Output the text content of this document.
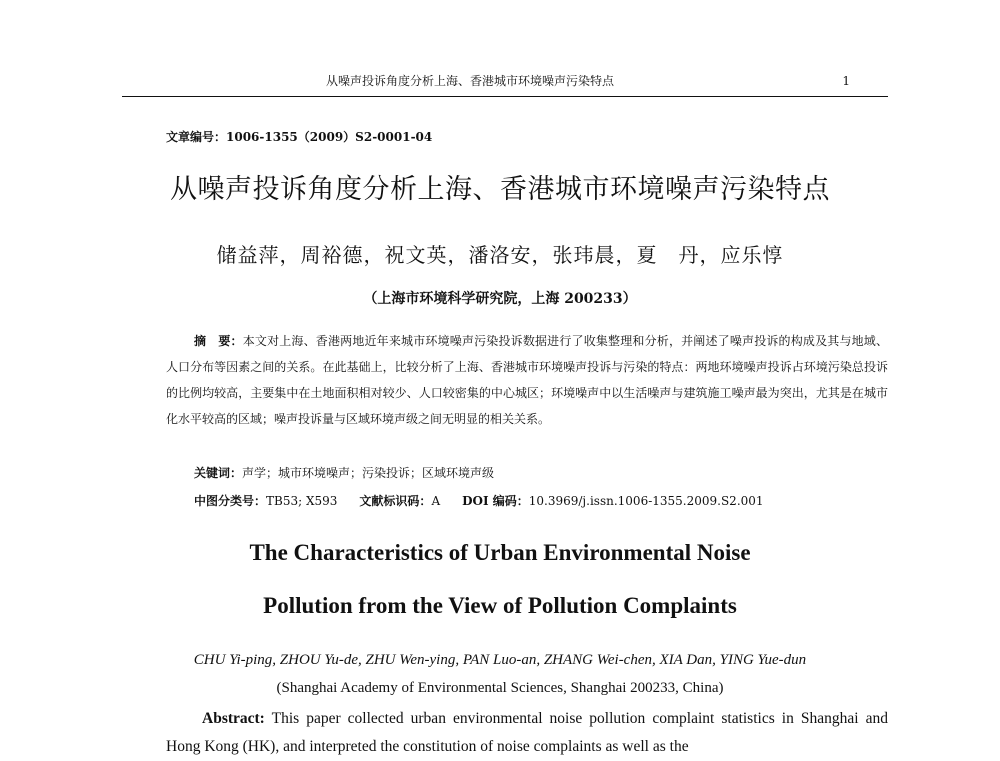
从噪声投诉角度分析上海、香港城市环境噪声污染特点	1
文章编号：1006-1355（2009）S2-0001-04
从噪声投诉角度分析上海、香港城市环境噪声污染特点
储益萍，周裕德，祝文英，潘洛安，张玮晨，夏　丹，应乐惇
（上海市环境科学研究院，上海 200233）
摘　要：本文对上海、香港两地近年来城市环境噪声污染投诉数据进行了收集整理和分析，并阐述了噪声投诉的构成及其与地域、人口分布等因素之间的关系。在此基础上，比较分析了上海、香港城市环境噪声投诉与污染的特点：两地环境噪声投诉占环境污染总投诉的比例均较高，主要集中在土地面积相对较少、人口较密集的中心城区；环境噪声中以生活噪声与建筑施工噪声最为突出，尤其是在城市化水平较高的区域；噪声投诉量与区域环境声级之间无明显的相关关系。
关键词：声学；城市环境噪声；污染投诉；区域环境声级
中图分类号：TB53; X593 文献标识码：A DOI 编码：10.3969/j.issn.1006-1355.2009.S2.001
The Characteristics of Urban Environmental Noise
Pollution from the View of Pollution Complaints
CHU Yi-ping, ZHOU Yu-de, ZHU Wen-ying, PAN Luo-an, ZHANG Wei-chen, XIA Dan, YING Yue-dun
(Shanghai Academy of Environmental Sciences, Shanghai 200233, China)
Abstract: This paper collected urban environmental noise pollution complaint statistics in Shanghai and Hong Kong (HK), and interpreted the constitution of noise complaints as well as the
